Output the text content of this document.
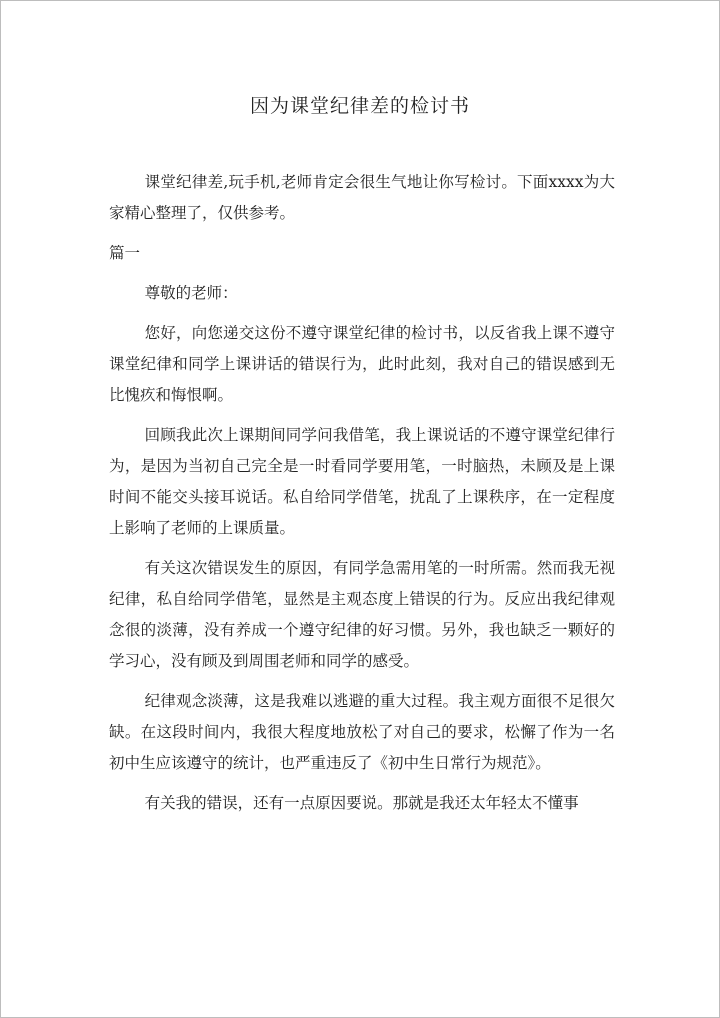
因为课堂纪律差的检讨书

课堂纪律差,玩手机,老师肯定会很生气地让你写检讨。下面xxxx为大家精心整理了，仅供参考。

篇一

尊敬的老师：

您好，向您递交这份不遵守课堂纪律的检讨书，以反省我上课不遵守课堂纪律和同学上课讲话的错误行为，此时此刻，我对自己的错误感到无比愧疚和悔恨啊。

回顾我此次上课期间同学问我借笔，我上课说话的不遵守课堂纪律行为，是因为当初自己完全是一时看同学要用笔，一时脑热，未顾及是上课时间不能交头接耳说话。私自给同学借笔，扰乱了上课秩序，在一定程度上影响了老师的上课质量。

有关这次错误发生的原因，有同学急需用笔的一时所需。然而我无视纪律，私自给同学借笔，显然是主观态度上错误的行为。反应出我纪律观念很的淡薄，没有养成一个遵守纪律的好习惯。另外，我也缺乏一颗好的学习心，没有顾及到周围老师和同学的感受。

纪律观念淡薄，这是我难以逃避的重大过程。我主观方面很不足很欠缺。在这段时间内，我很大程度地放松了对自己的要求，松懈了作为一名初中生应该遵守的统计，也严重违反了《初中生日常行为规范》。

有关我的错误，还有一点原因要说。那就是我还太年轻太不懂事
